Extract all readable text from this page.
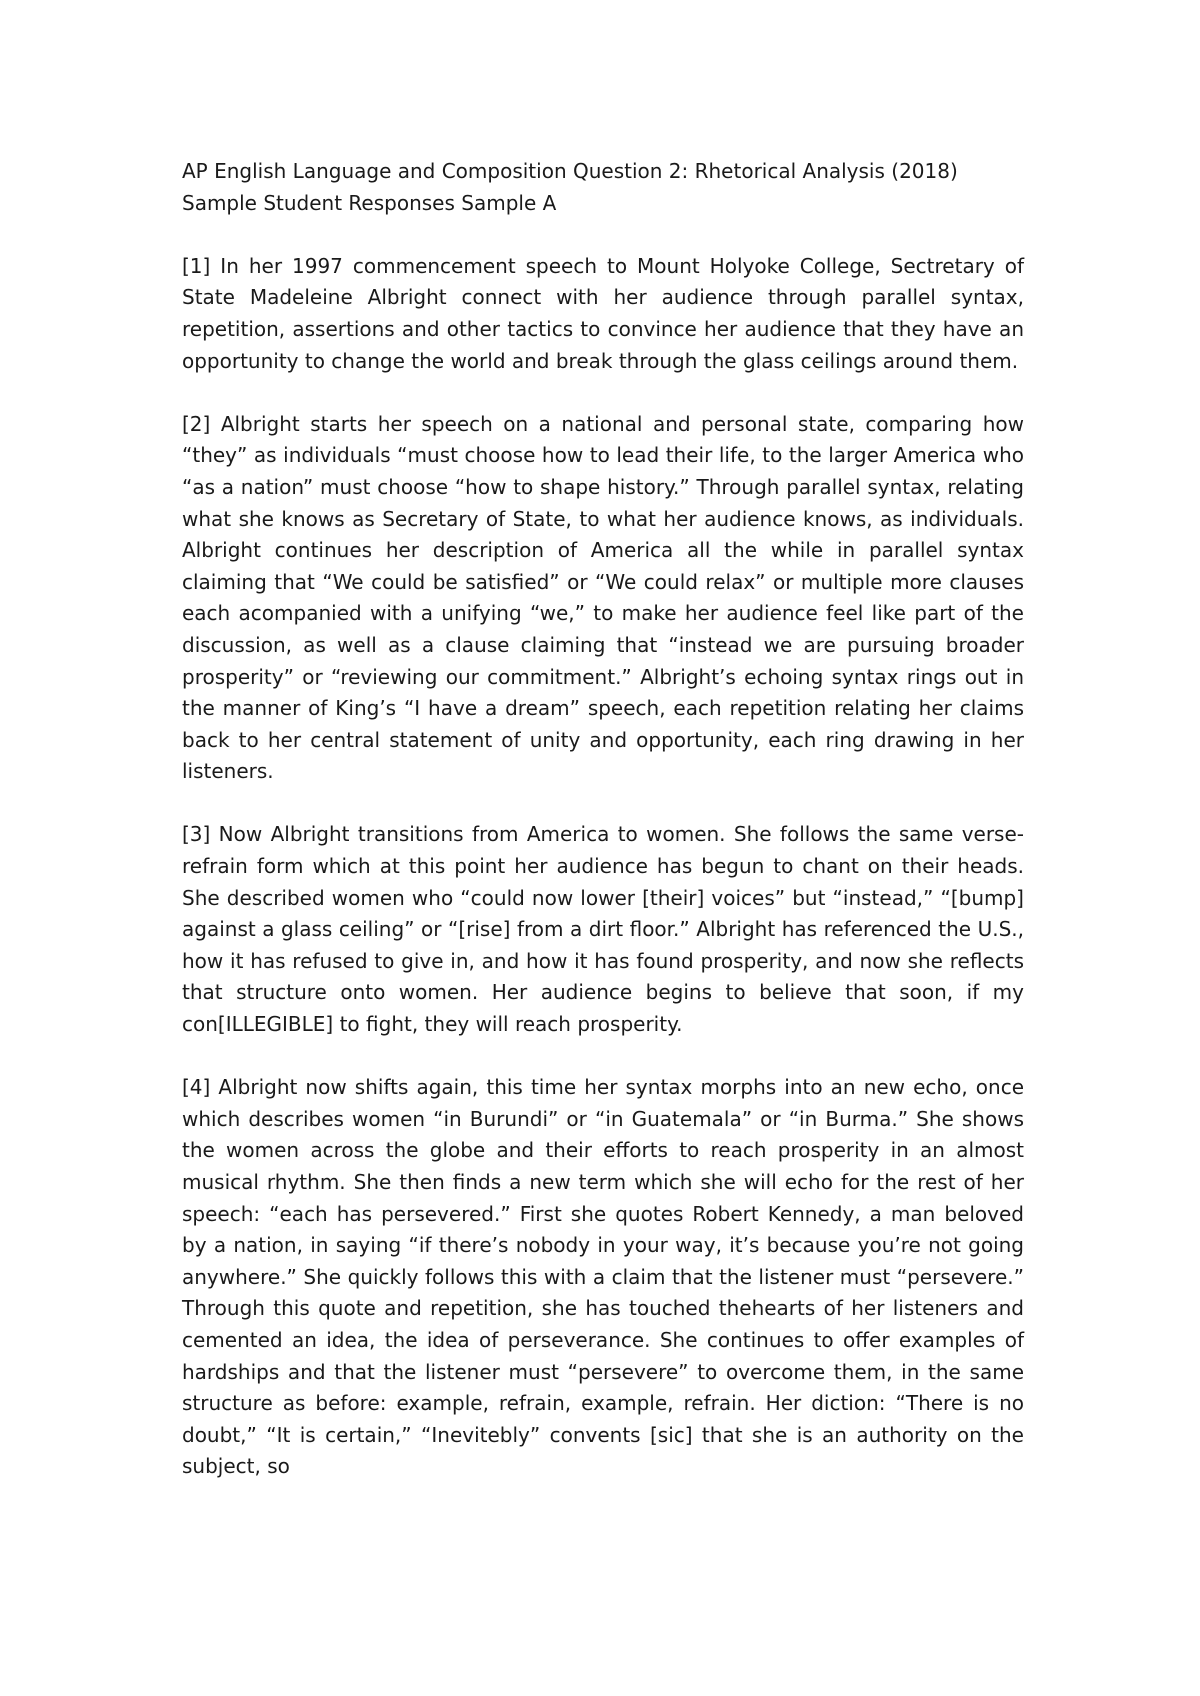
AP English Language and Composition Question 2: Rhetorical Analysis (2018)
Sample Student Responses Sample A

[1] In her 1997 commencement speech to Mount Holyoke College, Sectretary of State Madeleine Albright connect with her audience through parallel syntax, repetition, assertions and other tactics to convince her audience that they have an opportunity to change the world and break through the glass ceilings around them.

[2] Albright starts her speech on a national and personal state, comparing how “they” as individuals “must choose how to lead their life, to the larger America who “as a nation” must choose “how to shape history.” Through parallel syntax, relating what she knows as Secretary of State, to what her audience knows, as individuals. Albright continues her description of America all the while in parallel syntax claiming that “We could be satisfied” or “We could relax” or multiple more clauses each acompanied with a unifying “we,” to make her audience feel like part of the discussion, as well as a clause claiming that “instead we are pursuing broader prosperity” or “reviewing our commitment.” Albright’s echoing syntax rings out in the manner of King’s “I have a dream” speech, each repetition relating her claims back to her central statement of unity and opportunity, each ring drawing in her listeners.

[3] Now Albright transitions from America to women. She follows the same verse- refrain form which at this point her audience has begun to chant on their heads. She described women who “could now lower [their] voices” but “instead,” “[bump] against a glass ceiling” or “[rise] from a dirt floor.” Albright has referenced the U.S., how it has refused to give in, and how it has found prosperity, and now she reflects that structure onto women. Her audience begins to believe that soon, if my con[ILLEGIBLE] to fight, they will reach prosperity.

[4] Albright now shifts again, this time her syntax morphs into an new echo, once which describes women “in Burundi” or “in Guatemala” or “in Burma.” She shows the women across the globe and their efforts to reach prosperity in an almost musical rhythm. She then finds a new term which she will echo for the rest of her speech: “each has persevered.” First she quotes Robert Kennedy, a man beloved by a nation, in saying “if there’s nobody in your way, it’s because you’re not going anywhere.” She quickly follows this with a claim that the listener must “persevere.” Through this quote and repetition, she has touched thehearts of her listeners and cemented an idea, the idea of perseverance. She continues to offer examples of hardships and that the listener must “persevere” to overcome them, in the same structure as before: example, refrain, example, refrain. Her diction: “There is no doubt,” “It is certain,” “Inevitebly” convents [sic] that she is an authority on the subject, so
